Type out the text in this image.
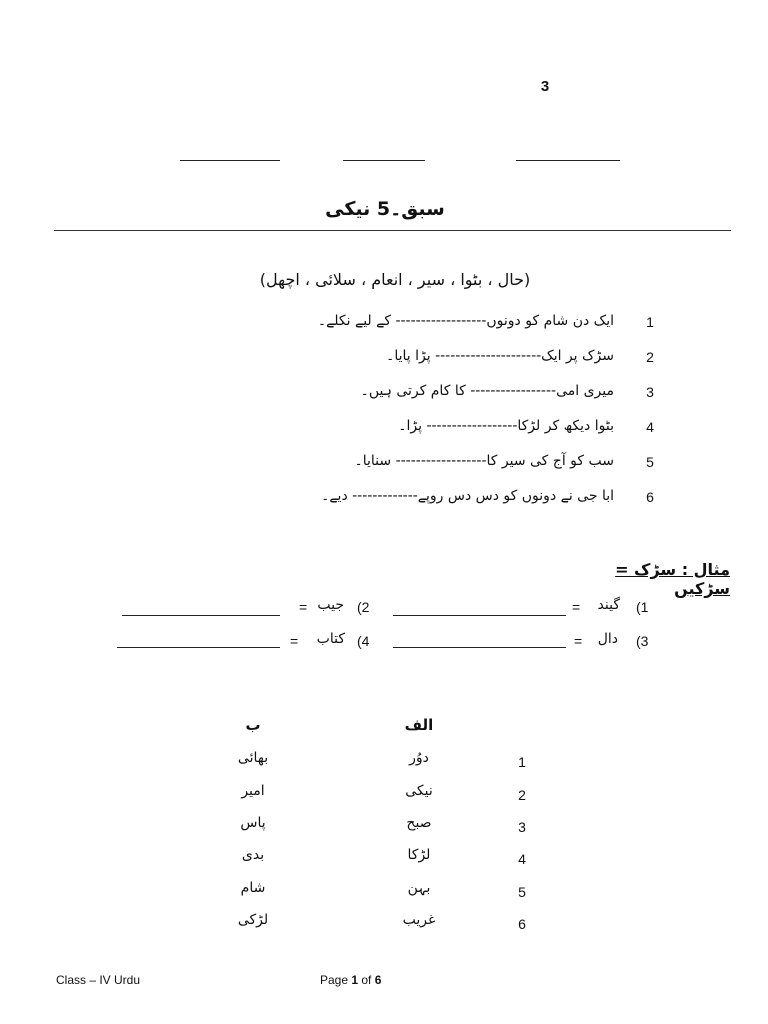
3
سبق۔5 نیکی
(حال ، بٹوا ، سیر ، انعام ، سلائی ، اچھل)
1
ایک دن شام کو دونوں------------------ کے لیے نکلے۔
2
سڑک پر ایک--------------------- پڑا پایا۔
3
میری امی----------------- کا کام کرتی ہیں۔
4
بٹوا دیکھ کر لڑکا------------------ پڑا۔
5
سب کو آج کی سیر کا------------------ سنایا۔
6
ابا جی نے دونوں کو دس دس روپے------------- دیے۔
مثال : سڑک = سڑکیں
(1
گیند
=
(2
جیب
=
(3
دال
=
(4
کتاب
=
الف
ب
1
دوُر
بھائی
2
نیکی
امیر
3
صبح
پاس
4
لڑکا
بدی
5
بہن
شام
6
غریب
لڑکی
Class – IV Urdu	Page 1 of 6
